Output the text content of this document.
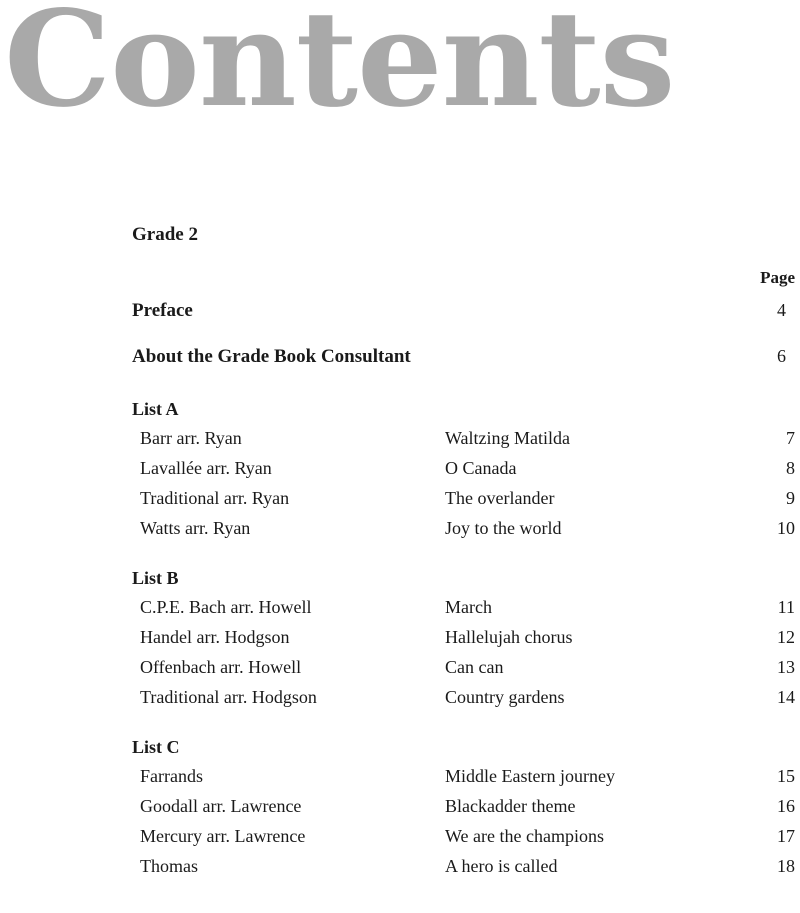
Contents
Grade 2
Page
Preface	4
About the Grade Book Consultant	6
List A
Barr arr. Ryan	Waltzing Matilda	7
Lavallée arr. Ryan	O Canada	8
Traditional arr. Ryan	The overlander	9
Watts arr. Ryan	Joy to the world	10
List B
C.P.E. Bach arr. Howell	March	11
Handel arr. Hodgson	Hallelujah chorus	12
Offenbach arr. Howell	Can can	13
Traditional arr. Hodgson	Country gardens	14
List C
Farrands	Middle Eastern journey	15
Goodall arr. Lawrence	Blackadder theme	16
Mercury arr. Lawrence	We are the champions	17
Thomas	A hero is called	18
